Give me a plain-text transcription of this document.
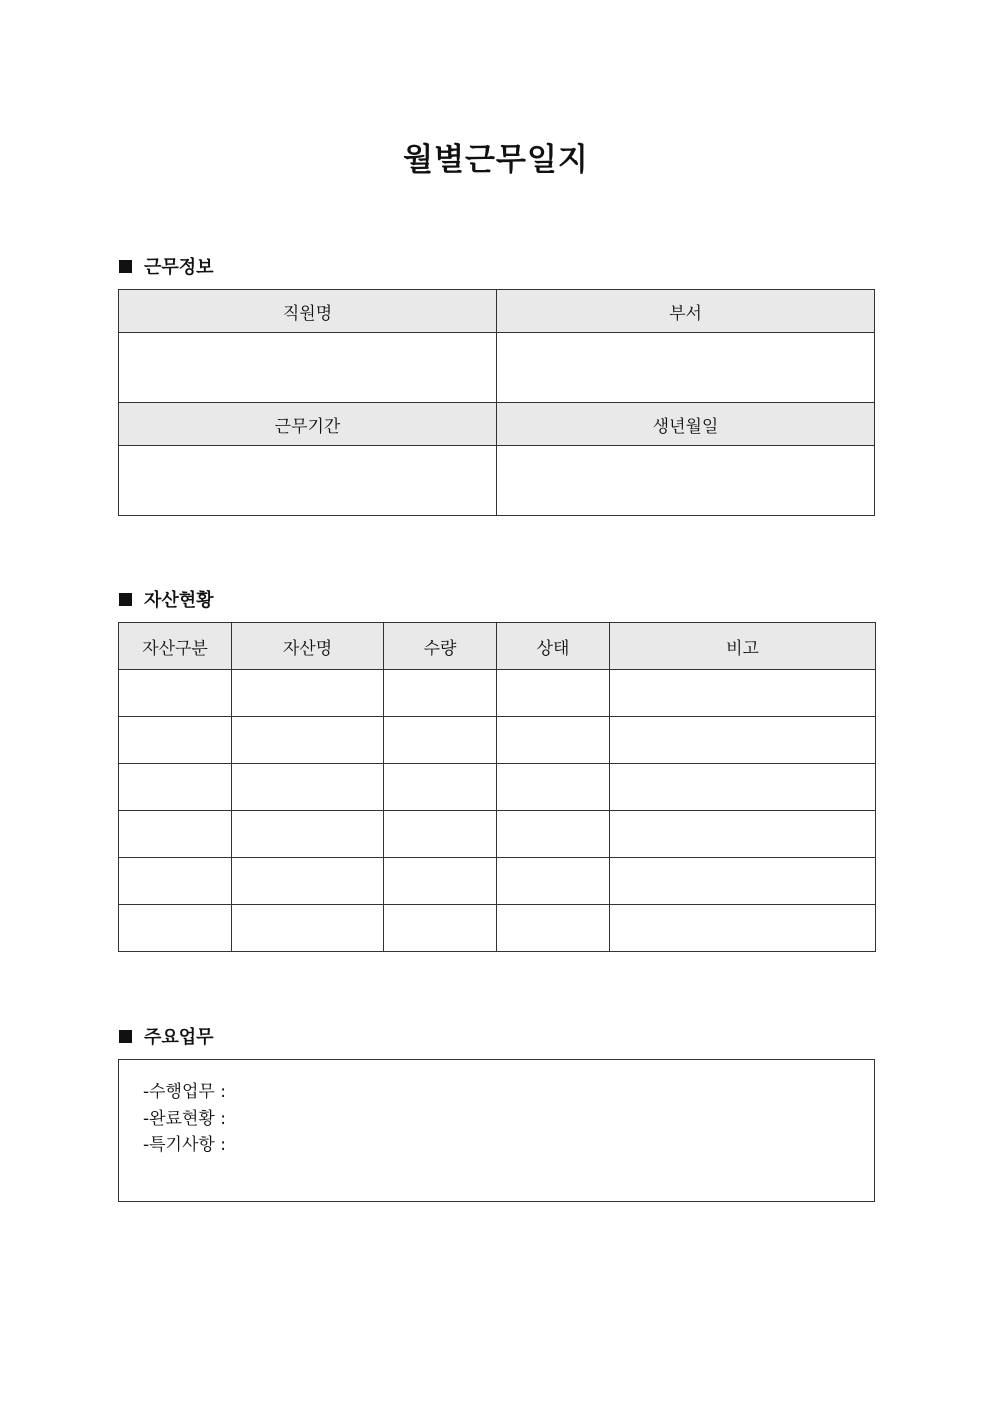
월별근무일지
근무정보
직원명	부서

근무기간	생년월일

자산현황
자산구분	자산명	수량	상태	비고

주요업무
-수행업무 :
-완료현황 :
-특기사항 :
